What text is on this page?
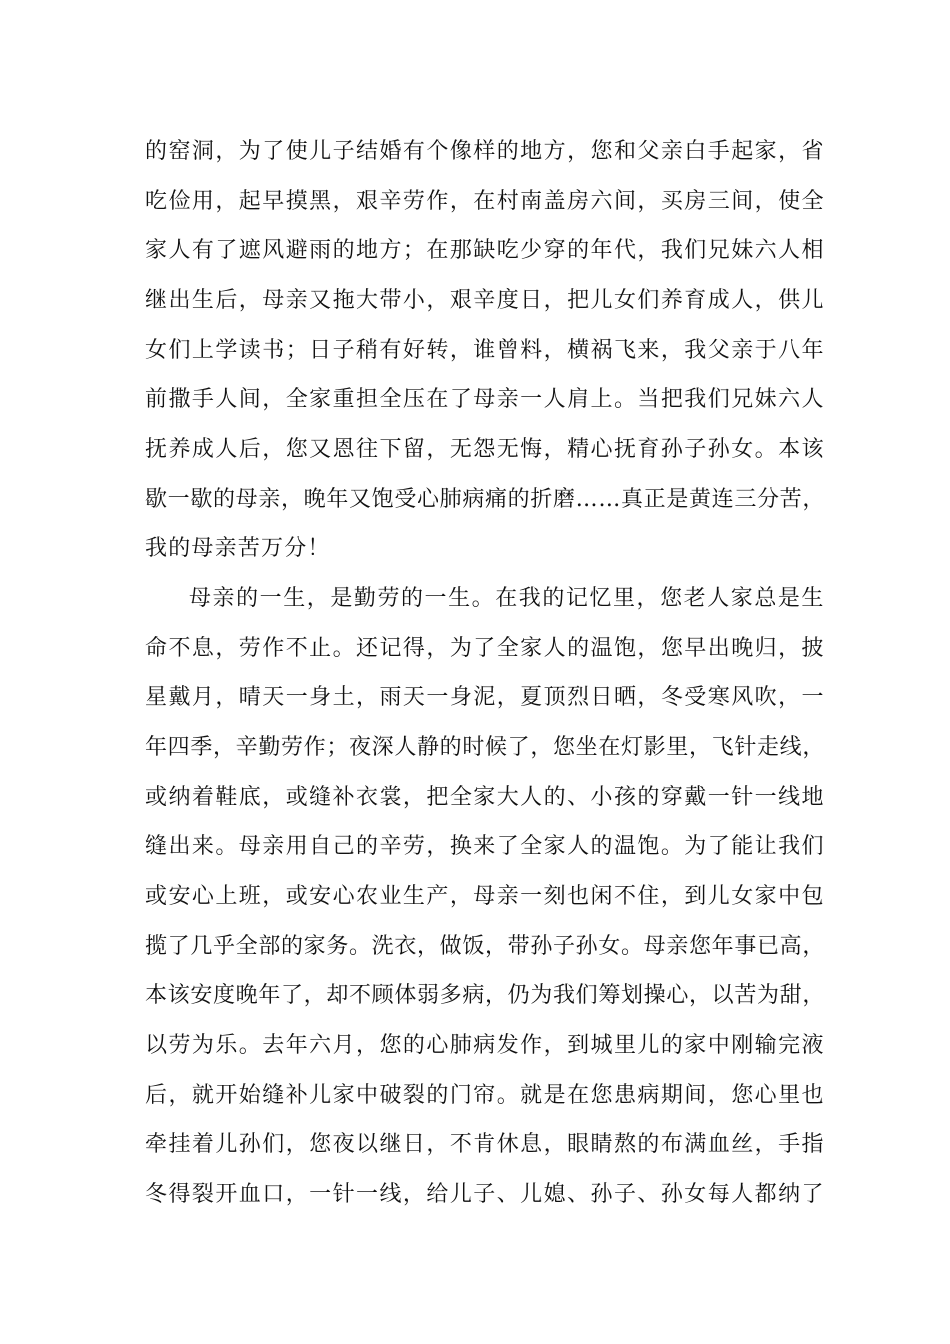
的窑洞，为了使儿子结婚有个像样的地方，您和父亲白手起家，省
吃俭用，起早摸黑，艰辛劳作，在村南盖房六间，买房三间，使全
家人有了遮风避雨的地方；在那缺吃少穿的年代，我们兄妹六人相
继出生后，母亲又拖大带小，艰辛度日，把儿女们养育成人，供儿
女们上学读书；日子稍有好转，谁曾料，横祸飞来，我父亲于八年
前撒手人间，全家重担全压在了母亲一人肩上。当把我们兄妹六人
抚养成人后，您又恩往下留，无怨无悔，精心抚育孙子孙女。本该
歇一歇的母亲，晚年又饱受心肺病痛的折磨……真正是黄连三分苦，
我的母亲苦万分！
母亲的一生，是勤劳的一生。在我的记忆里，您老人家总是生
命不息，劳作不止。还记得，为了全家人的温饱，您早出晚归，披
星戴月，晴天一身土，雨天一身泥，夏顶烈日晒，冬受寒风吹，一
年四季，辛勤劳作；夜深人静的时候了，您坐在灯影里，飞针走线，
或纳着鞋底，或缝补衣裳，把全家大人的、小孩的穿戴一针一线地
缝出来。母亲用自己的辛劳，换来了全家人的温饱。为了能让我们
或安心上班，或安心农业生产，母亲一刻也闲不住，到儿女家中包
揽了几乎全部的家务。洗衣，做饭，带孙子孙女。母亲您年事已高，
本该安度晚年了，却不顾体弱多病，仍为我们筹划操心，以苦为甜，
以劳为乐。去年六月，您的心肺病发作，到城里儿的家中刚输完液
后，就开始缝补儿家中破裂的门帘。就是在您患病期间，您心里也
牵挂着儿孙们，您夜以继日，不肯休息，眼睛熬的布满血丝，手指
冬得裂开血口，一针一线，给儿子、儿媳、孙子、孙女每人都纳了
